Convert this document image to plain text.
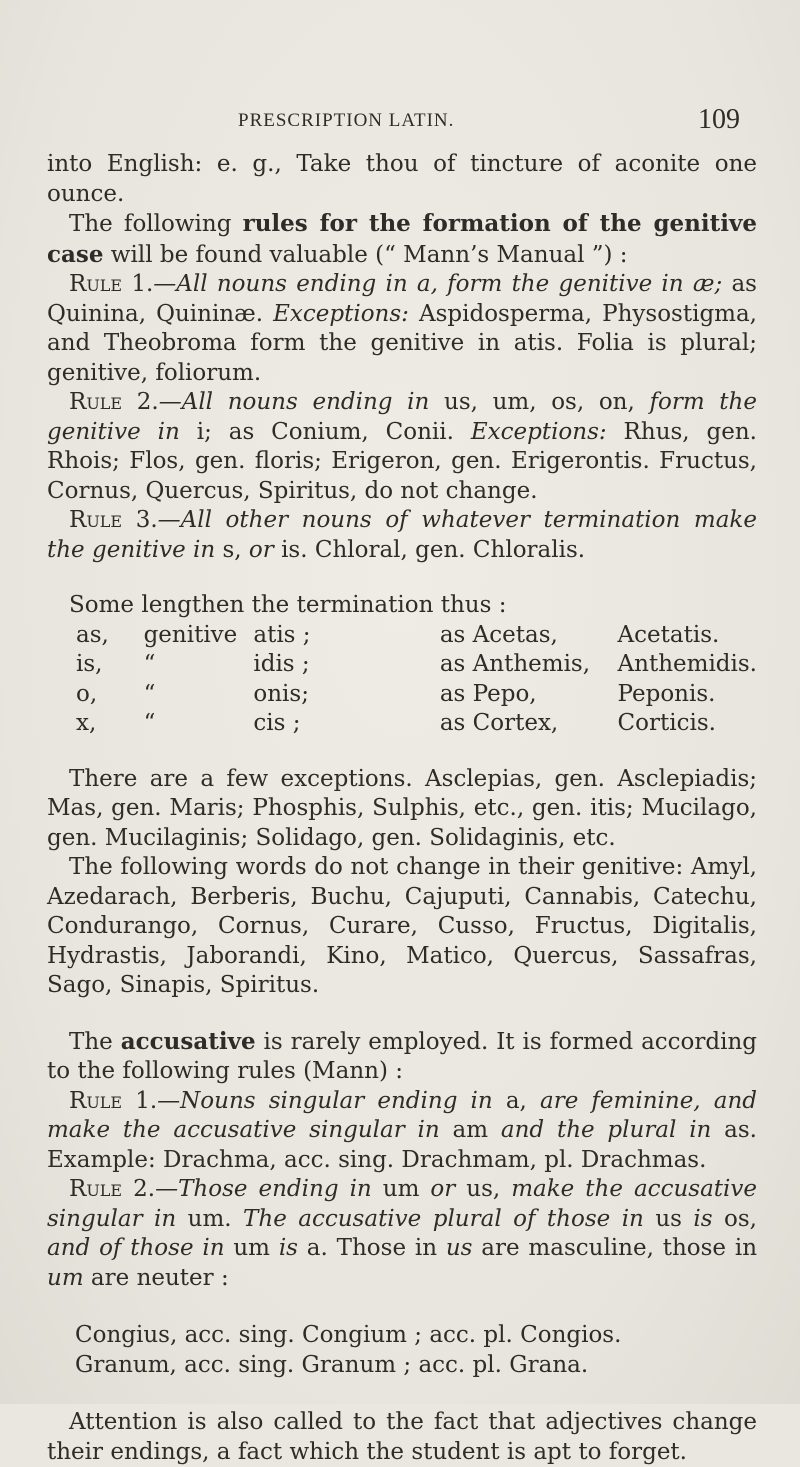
PRESCRIPTION LATIN.	109

into English: e. g., Take thou of tincture of aconite one ounce.

The following rules for the formation of the genitive case will be found valuable (“ Mann’s Manual ”) :

Rule 1.—All nouns ending in a, form the genitive in æ; as Quinina, Quininæ. Exceptions: Aspidosperma, Physostigma, and Theobroma form the genitive in atis. Folia is plural; genitive, foliorum.

Rule 2.—All nouns ending in us, um, os, on, form the genitive in i; as Conium, Conii. Exceptions: Rhus, gen. Rhois; Flos, gen. floris; Erigeron, gen. Erigerontis. Fructus, Cornus, Quercus, Spiritus, do not change.

Rule 3.—All other nouns of whatever termination make the genitive in s, or is. Chloral, gen. Chloralis.

Some lengthen the termination thus :

as,	genitive	atis ;	as Acetas,	Acetatis.
is,	“	idis ;	as Anthemis,	Anthemidis.
o,	“	onis;	as Pepo,	Peponis.
x,	“	cis ;	as Cortex,	Corticis.

There are a few exceptions. Asclepias, gen. Asclepiadis; Mas, gen. Maris; Phosphis, Sulphis, etc., gen. itis; Mucilago, gen. Mucilaginis; Solidago, gen. Solidaginis, etc.

The following words do not change in their genitive: Amyl, Azedarach, Berberis, Buchu, Cajuputi, Cannabis, Catechu, Condurango, Cornus, Curare, Cusso, Fructus, Digitalis, Hydrastis, Jaborandi, Kino, Matico, Quercus, Sassafras, Sago, Sinapis, Spiritus.

The accusative is rarely employed. It is formed according to the following rules (Mann) :

Rule 1.—Nouns singular ending in a, are feminine, and make the accusative singular in am and the plural in as. Example: Drachma, acc. sing. Drachmam, pl. Drachmas.

Rule 2.—Those ending in um or us, make the accusative singular in um. The accusative plural of those in us is os, and of those in um is a. Those in us are masculine, those in um are neuter :

Congius, acc. sing. Congium ; acc. pl. Congios.

Granum, acc. sing. Granum ; acc. pl. Grana.

Attention is also called to the fact that adjectives change their endings, a fact which the student is apt to forget.
